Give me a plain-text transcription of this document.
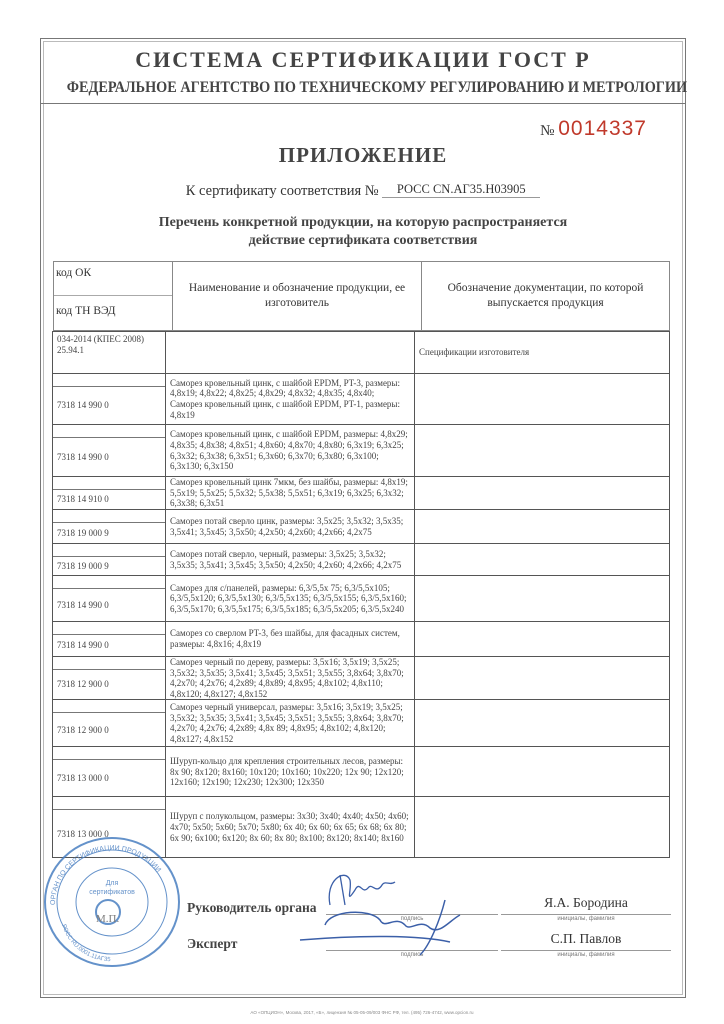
СИСТЕМА СЕРТИФИКАЦИИ ГОСТ Р
ФЕДЕРАЛЬНОЕ АГЕНТСТВО ПО ТЕХНИЧЕСКОМУ РЕГУЛИРОВАНИЮ И МЕТРОЛОГИИ
№ 0014337
ПРИЛОЖЕНИЕ
К сертификату соответствия № РОСС CN.АГ35.Н03905
Перечень конкретной продукции, на которую распространяется
действие сертификата соответствия
код ОК
код ТН ВЭД
	Наименование и обозначение продукции, ее изготовитель	Обозначение документации, по которой выпускается продукция
034-2014 (КПЕС 2008) 25.94.1		Спецификации изготовителя

7318 14 990 0	Саморез кровельный цинк, с шайбой EPDM, PT-3, размеры: 4,8x19; 4,8x22; 4,8x25; 4,8x29; 4,8x32; 4,8x35; 4,8x40;
Саморез кровельный цинк, с шайбой EPDM, PT-1, размеры: 4,8x19	

7318 14 990 0	Саморез кровельный цинк, с шайбой EPDM, размеры: 4,8x29; 4,8x35; 4,8x38; 4,8x51; 4,8x60; 4,8x70; 4,8x80; 6,3x19; 6,3x25; 6,3x32; 6,3x38; 6,3x51; 6,3x60; 6,3x70; 6,3x80; 6,3x100; 6,3x130; 6,3x150	

7318 14 910 0	Саморез кровельный цинк 7мкм, без шайбы, размеры: 4,8x19; 5,5x19; 5,5x25; 5,5x32; 5,5x38; 5,5x51; 6,3x19; 6,3x25; 6,3x32; 6,3x38; 6,3x51	

7318 19 000 9	Саморез потай сверло цинк, размеры: 3,5x25; 3,5x32; 3,5x35; 3,5x41; 3,5x45; 3,5x50; 4,2x50; 4,2x60; 4,2x66; 4,2x75	

7318 19 000 9	Саморез потай сверло, черный, размеры: 3,5x25; 3,5x32; 3,5x35; 3,5x41; 3,5x45; 3,5x50; 4,2x50; 4,2x60; 4,2x66; 4,2x75	

7318 14 990 0	Саморез для с/панелей, размеры: 6,3/5,5x 75; 6,3/5,5x105; 6,3/5,5x120; 6,3/5,5x130; 6,3/5,5x135; 6,3/5,5x155; 6,3/5,5x160; 6,3/5,5x170; 6,3/5,5x175; 6,3/5,5x185; 6,3/5,5x205; 6,3/5,5x240	

7318 14 990 0	Саморез со сверлом PT-3, без шайбы, для фасадных систем, размеры: 4,8x16; 4,8x19	

7318 12 900 0	Саморез черный по дереву, размеры: 3,5x16; 3,5x19; 3,5x25; 3,5x32; 3,5x35; 3,5x41; 3,5x45; 3,5x51; 3,5x55; 3,8x64; 3,8x70; 4,2x70; 4,2x76; 4,2x89; 4,8x89; 4,8x95; 4,8x102; 4,8x110; 4,8x120; 4,8x127; 4,8x152	

7318 12 900 0	Саморез черный универсал, размеры: 3,5x16; 3,5x19; 3,5x25; 3,5x32; 3,5x35; 3,5x41; 3,5x45; 3,5x51; 3,5x55; 3,8x64; 3,8x70; 4,2x70; 4,2x76; 4,2x89; 4,8x 89; 4,8x95; 4,8x102; 4,8x120; 4,8x127; 4,8x152	

7318 13 000 0	Шуруп-кольцо для крепления строительных лесов, размеры: 8x 90; 8x120; 8x160; 10x120; 10x160; 10x220; 12x 90; 12x120; 12x160; 12x190; 12x230; 12x300; 12x350	

7318 13 000 0	Шуруп с полукольцом, размеры: 3x30; 3x40; 4x40; 4x50; 4x60; 4x70; 5x50; 5x60; 5x70; 5x80; 6x 40; 6x 60; 6x 65; 6x 68; 6x 80; 6x 90; 6x100; 6x120; 8x 60; 8x 80; 8x100; 8x120; 8x140; 8x160	
Руководитель органа
подпись
Я.А. Бородина
инициалы, фамилия
Эксперт
подпись
С.П. Павлов
инициалы, фамилия
Для
сертификатов
М.П.
ОРГАН ПО СЕРТИФИКАЦИИ ПРОДУКЦИИ
РОСС RU.0001.11АГ35
АО «ОПЦИОН», Москва, 2017, «Б», лицензия № 05-05-09/003 ФНС РФ, тел. (495) 726-4742, www.opcion.ru
